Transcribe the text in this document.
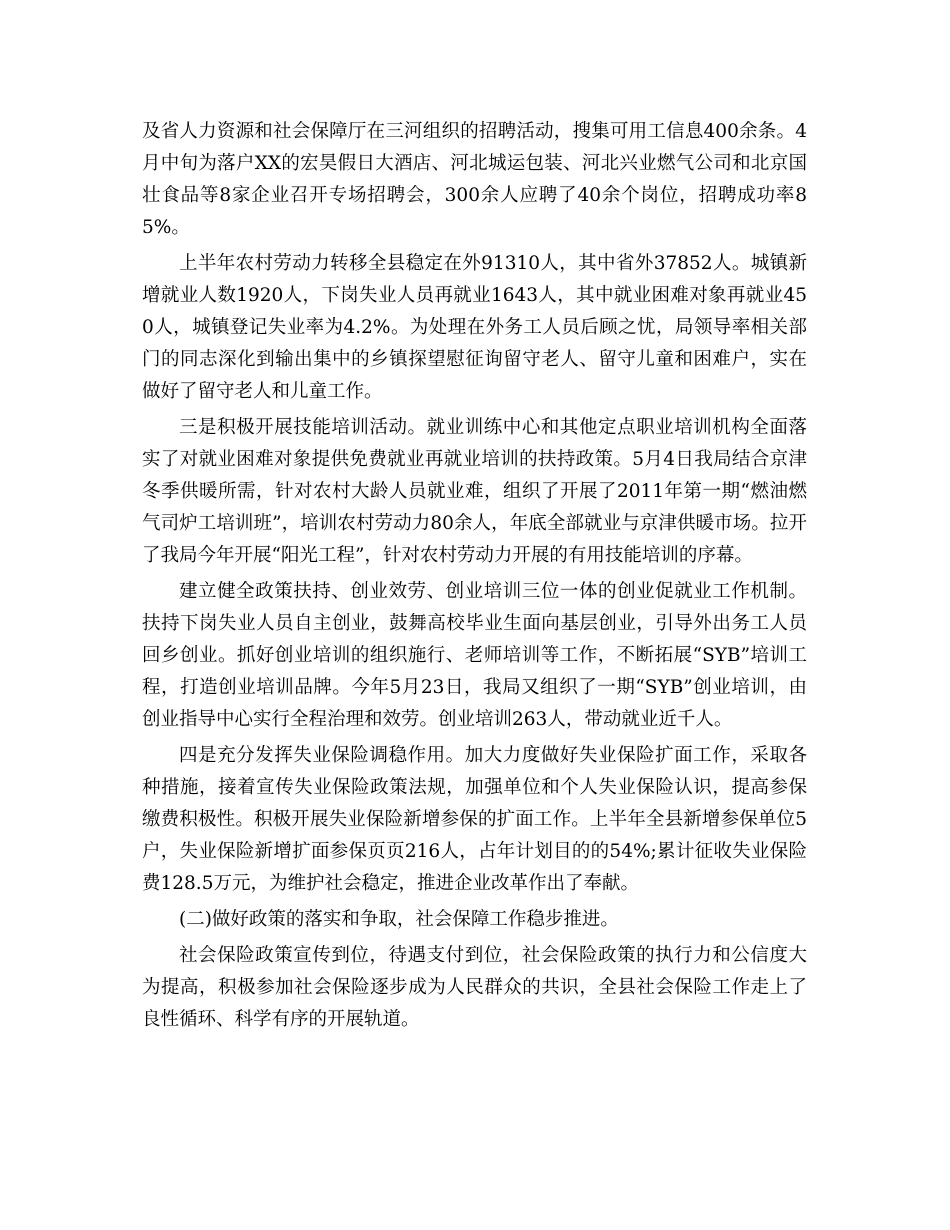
及省人力资源和社会保障厅在三河组织的招聘活动，搜集可用工信息400余条。4月中旬为落户XX的宏昊假日大酒店、河北城运包装、河北兴业燃气公司和北京国壮食品等8家企业召开专场招聘会，300余人应聘了40余个岗位，招聘成功率85%。

上半年农村劳动力转移全县稳定在外91310人，其中省外37852人。城镇新增就业人数1920人，下岗失业人员再就业1643人，其中就业困难对象再就业450人，城镇登记失业率为4.2%。为处理在外务工人员后顾之忧，局领导率相关部门的同志深化到输出集中的乡镇探望慰征询留守老人、留守儿童和困难户，实在做好了留守老人和儿童工作。

三是积极开展技能培训活动。就业训练中心和其他定点职业培训机构全面落实了对就业困难对象提供免费就业再就业培训的扶持政策。5月4日我局结合京津冬季供暖所需，针对农村大龄人员就业难，组织了开展了2011年第一期“燃油燃气司炉工培训班”，培训农村劳动力80余人，年底全部就业与京津供暖市场。拉开了我局今年开展“阳光工程”，针对农村劳动力开展的有用技能培训的序幕。

建立健全政策扶持、创业效劳、创业培训三位一体的创业促就业工作机制。扶持下岗失业人员自主创业，鼓舞高校毕业生面向基层创业，引导外出务工人员回乡创业。抓好创业培训的组织施行、老师培训等工作，不断拓展“SYB”培训工程，打造创业培训品牌。今年5月23日，我局又组织了一期“SYB”创业培训，由创业指导中心实行全程治理和效劳。创业培训263人，带动就业近千人。

四是充分发挥失业保险调稳作用。加大力度做好失业保险扩面工作，采取各种措施，接着宣传失业保险政策法规，加强单位和个人失业保险认识，提高参保缴费积极性。积极开展失业保险新增参保的扩面工作。上半年全县新增参保单位5户，失业保险新增扩面参保页页216人，占年计划目的的54%;累计征收失业保险费128.5万元，为维护社会稳定，推进企业改革作出了奉献。

(二)做好政策的落实和争取，社会保障工作稳步推进。

社会保险政策宣传到位，待遇支付到位，社会保险政策的执行力和公信度大为提高，积极参加社会保险逐步成为人民群众的共识，全县社会保险工作走上了良性循环、科学有序的开展轨道。
